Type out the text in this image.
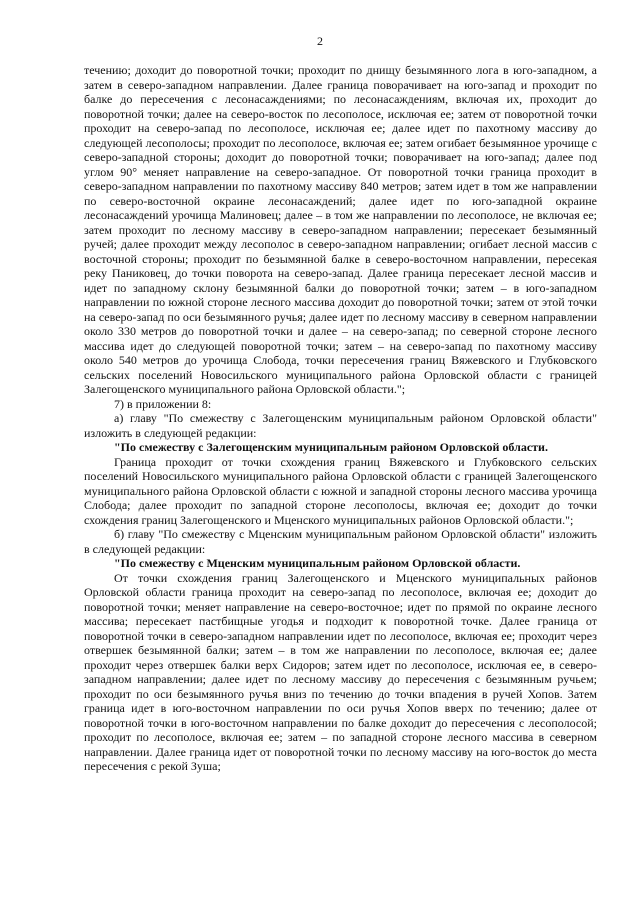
2

течению; доходит до поворотной точки; проходит по днищу безымянного лога в юго-западном, а затем в северо-западном направлении. Далее граница поворачивает на юго-запад и проходит по балке до пересечения с лесонасаждениями; по лесонасаждениям, включая их, проходит до поворотной точки; далее на северо-восток по лесополосе, исключая ее; затем от поворотной точки проходит на северо-запад по лесополосе, исключая ее; далее идет по пахотному массиву до следующей лесополосы; проходит по лесополосе, включая ее; затем огибает безымянное урочище с северо-западной стороны; доходит до поворотной точки; поворачивает на юго-запад; далее под углом 90° меняет направление на северо-западное. От поворотной точки граница проходит в северо-западном направлении по пахотному массиву 840 метров; затем идет в том же направлении по северо-восточной окраине лесонасаждений; далее идет по юго-западной окраине лесонасаждений урочища Малиновец; далее – в том же направлении по лесополосе, не включая ее; затем проходит по лесному массиву в северо-западном направлении; пересекает безымянный ручей; далее проходит между лесополос в северо-западном направлении; огибает лесной массив с восточной стороны; проходит по безымянной балке в северо-восточном направлении, пересекая реку Паниковец, до точки поворота на северо-запад. Далее граница пересекает лесной массив и идет по западному склону безымянной балки до поворотной точки; затем – в юго-западном направлении по южной стороне лесного массива доходит до поворотной точки; затем от этой точки на северо-запад по оси безымянного ручья; далее идет по лесному массиву в северном направлении около 330 метров до поворотной точки и далее – на северо-запад; по северной стороне лесного массива идет до следующей поворотной точки; затем – на северо-запад по пахотному массиву около 540 метров до урочища Слобода, точки пересечения границ Вяжевского и Глубковского сельских поселений Новосильского муниципального района Орловской области с границей Залегощенского муниципального района Орловской области.";

7) в приложении 8:

а) главу "По смежеству с Залегощенским муниципальным районом Орловской области" изложить в следующей редакции:

"По смежеству с Залегощенским муниципальным районом Орловской области.

Граница проходит от точки схождения границ Вяжевского и Глубковского сельских поселений Новосильского муниципального района Орловской области с границей Залегощенского муниципального района Орловской области с южной и западной стороны лесного массива урочища Слобода; далее проходит по западной стороне лесополосы, включая ее; доходит до точки схождения границ Залегощенского и Мценского муниципальных районов Орловской области.";

б) главу "По смежеству с Мценским муниципальным районом Орловской области" изложить в следующей редакции:

"По смежеству с Мценским муниципальным районом Орловской области.

От точки схождения границ Залегощенского и Мценского муниципальных районов Орловской области граница проходит на северо-запад по лесополосе, включая ее; доходит до поворотной точки; меняет направление на северо-восточное; идет по прямой по окраине лесного массива; пересекает пастбищные угодья и подходит к поворотной точке. Далее граница от поворотной точки в северо-западном направлении идет по лесополосе, включая ее; проходит через отвершек безымянной балки; затем – в том же направлении по лесополосе, включая ее; далее проходит через отвершек балки верх Сидоров; затем идет по лесополосе, исключая ее, в северо-западном направлении; далее идет по лесному массиву до пересечения с безымянным ручьем; проходит по оси безымянного ручья вниз по течению до точки впадения в ручей Хопов. Затем граница идет в юго-восточном направлении по оси ручья Хопов вверх по течению; далее от поворотной точки в юго-восточном направлении по балке доходит до пересечения с лесополосой; проходит по лесополосе, включая ее; затем – по западной стороне лесного массива в северном направлении. Далее граница идет от поворотной точки по лесному массиву на юго-восток до места пересечения с рекой Зуша;
